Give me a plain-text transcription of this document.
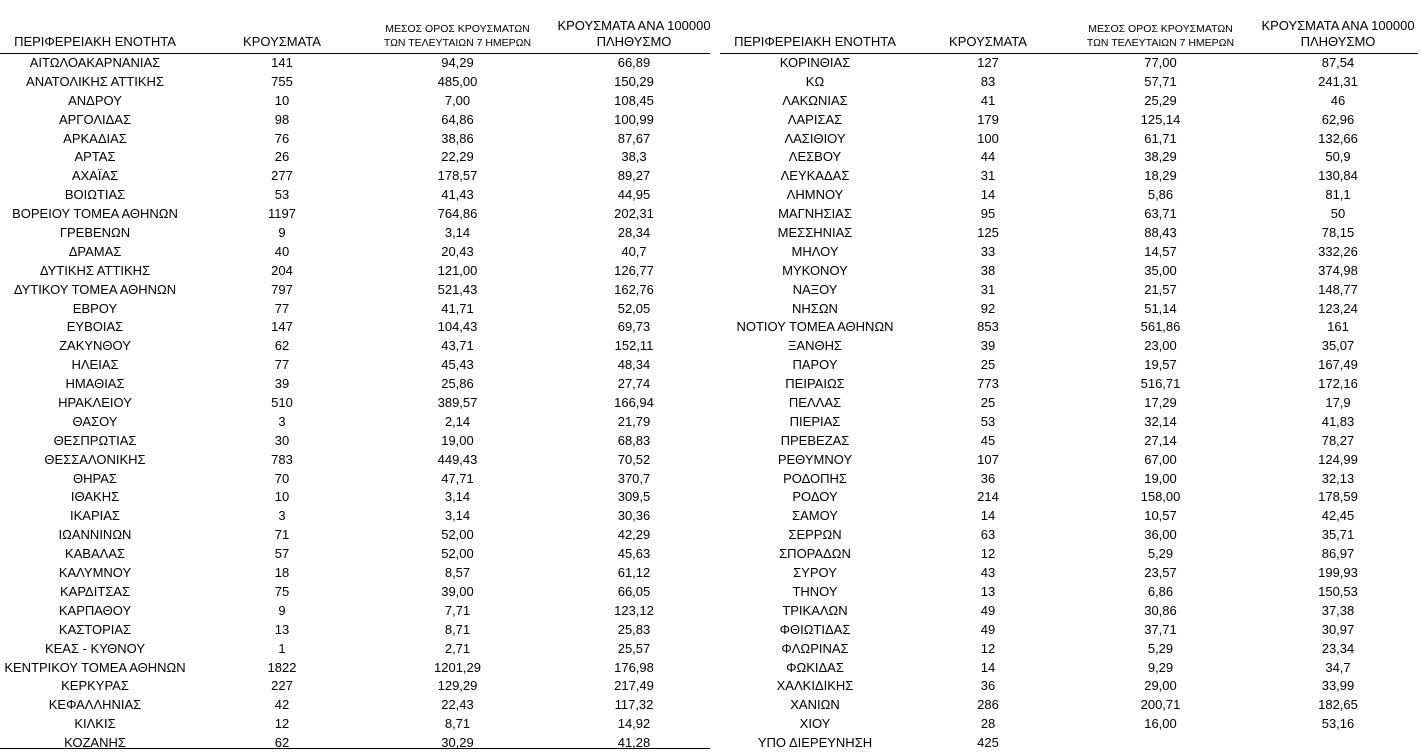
ΠΕΡΙΦΕΡΕΙΑΚΗ ΕΝΟΤΗΤΑ	ΚΡΟΥΣΜΑΤΑ
ΜΕΣΟΣ ΟΡΟΣ ΚΡΟΥΣΜΑΤΩΝ
ΤΩΝ ΤΕΛΕΥΤΑΙΩΝ 7 ΗΜΕΡΩΝ
ΚΡΟΥΣΜΑΤΑ ΑΝΑ 100000
ΠΛΗΘΥΣΜΟ
ΑΙΤΩΛΟΑΚΑΡΝΑΝΙΑΣ	141	94,29	66,89
ΑΝΑΤΟΛΙΚΗΣ ΑΤΤΙΚΗΣ	755	485,00	150,29
ΑΝΔΡΟΥ	10	7,00	108,45
ΑΡΓΟΛΙΔΑΣ	98	64,86	100,99
ΑΡΚΑΔΙΑΣ	76	38,86	87,67
ΑΡΤΑΣ	26	22,29	38,3
ΑΧΑΪΑΣ	277	178,57	89,27
ΒΟΙΩΤΙΑΣ	53	41,43	44,95
ΒΟΡΕΙΟΥ ΤΟΜΕΑ ΑΘΗΝΩΝ	1197	764,86	202,31
ΓΡΕΒΕΝΩΝ	9	3,14	28,34
ΔΡΑΜΑΣ	40	20,43	40,7
ΔΥΤΙΚΗΣ ΑΤΤΙΚΗΣ	204	121,00	126,77
ΔΥΤΙΚΟΥ ΤΟΜΕΑ ΑΘΗΝΩΝ	797	521,43	162,76
ΕΒΡΟΥ	77	41,71	52,05
ΕΥΒΟΙΑΣ	147	104,43	69,73
ΖΑΚΥΝΘΟΥ	62	43,71	152,11
ΗΛΕΙΑΣ	77	45,43	48,34
ΗΜΑΘΙΑΣ	39	25,86	27,74
ΗΡΑΚΛΕΙΟΥ	510	389,57	166,94
ΘΑΣΟΥ	3	2,14	21,79
ΘΕΣΠΡΩΤΙΑΣ	30	19,00	68,83
ΘΕΣΣΑΛΟΝΙΚΗΣ	783	449,43	70,52
ΘΗΡΑΣ	70	47,71	370,7
ΙΘΑΚΗΣ	10	3,14	309,5
ΙΚΑΡΙΑΣ	3	3,14	30,36
ΙΩΑΝΝΙΝΩΝ	71	52,00	42,29
ΚΑΒΑΛΑΣ	57	52,00	45,63
ΚΑΛΥΜΝΟΥ	18	8,57	61,12
ΚΑΡΔΙΤΣΑΣ	75	39,00	66,05
ΚΑΡΠΑΘΟΥ	9	7,71	123,12
ΚΑΣΤΟΡΙΑΣ	13	8,71	25,83
ΚΕΑΣ - ΚΥΘΝΟΥ	1	2,71	25,57
ΚΕΝΤΡΙΚΟΥ ΤΟΜΕΑ ΑΘΗΝΩΝ	1822	1201,29	176,98
ΚΕΡΚΥΡΑΣ	227	129,29	217,49
ΚΕΦΑΛΛΗΝΙΑΣ	42	22,43	117,32
ΚΙΛΚΙΣ	12	8,71	14,92
ΚΟΖΑΝΗΣ	62	30,29	41,28
ΠΕΡΙΦΕΡΕΙΑΚΗ ΕΝΟΤΗΤΑ	ΚΡΟΥΣΜΑΤΑ
ΜΕΣΟΣ ΟΡΟΣ ΚΡΟΥΣΜΑΤΩΝ
ΤΩΝ ΤΕΛΕΥΤΑΙΩΝ 7 ΗΜΕΡΩΝ
ΚΡΟΥΣΜΑΤΑ ΑΝΑ 100000
ΠΛΗΘΥΣΜΟ
ΚΟΡΙΝΘΙΑΣ	127	77,00	87,54
ΚΩ	83	57,71	241,31
ΛΑΚΩΝΙΑΣ	41	25,29	46
ΛΑΡΙΣΑΣ	179	125,14	62,96
ΛΑΣΙΘΙΟΥ	100	61,71	132,66
ΛΕΣΒΟΥ	44	38,29	50,9
ΛΕΥΚΑΔΑΣ	31	18,29	130,84
ΛΗΜΝΟΥ	14	5,86	81,1
ΜΑΓΝΗΣΙΑΣ	95	63,71	50
ΜΕΣΣΗΝΙΑΣ	125	88,43	78,15
ΜΗΛΟΥ	33	14,57	332,26
ΜΥΚΟΝΟΥ	38	35,00	374,98
ΝΑΞΟΥ	31	21,57	148,77
ΝΗΣΩΝ	92	51,14	123,24
ΝΟΤΙΟΥ ΤΟΜΕΑ ΑΘΗΝΩΝ	853	561,86	161
ΞΑΝΘΗΣ	39	23,00	35,07
ΠΑΡΟΥ	25	19,57	167,49
ΠΕΙΡΑΙΩΣ	773	516,71	172,16
ΠΕΛΛΑΣ	25	17,29	17,9
ΠΙΕΡΙΑΣ	53	32,14	41,83
ΠΡΕΒΕΖΑΣ	45	27,14	78,27
ΡΕΘΥΜΝΟΥ	107	67,00	124,99
ΡΟΔΟΠΗΣ	36	19,00	32,13
ΡΟΔΟΥ	214	158,00	178,59
ΣΑΜΟΥ	14	10,57	42,45
ΣΕΡΡΩΝ	63	36,00	35,71
ΣΠΟΡΑΔΩΝ	12	5,29	86,97
ΣΥΡΟΥ	43	23,57	199,93
ΤΗΝΟΥ	13	6,86	150,53
ΤΡΙΚΑΛΩΝ	49	30,86	37,38
ΦΘΙΩΤΙΔΑΣ	49	37,71	30,97
ΦΛΩΡΙΝΑΣ	12	5,29	23,34
ΦΩΚΙΔΑΣ	14	9,29	34,7
ΧΑΛΚΙΔΙΚΗΣ	36	29,00	33,99
ΧΑΝΙΩΝ	286	200,71	182,65
ΧΙΟΥ	28	16,00	53,16
ΥΠΟ ΔΙΕΡΕΥΝΗΣΗ	425
